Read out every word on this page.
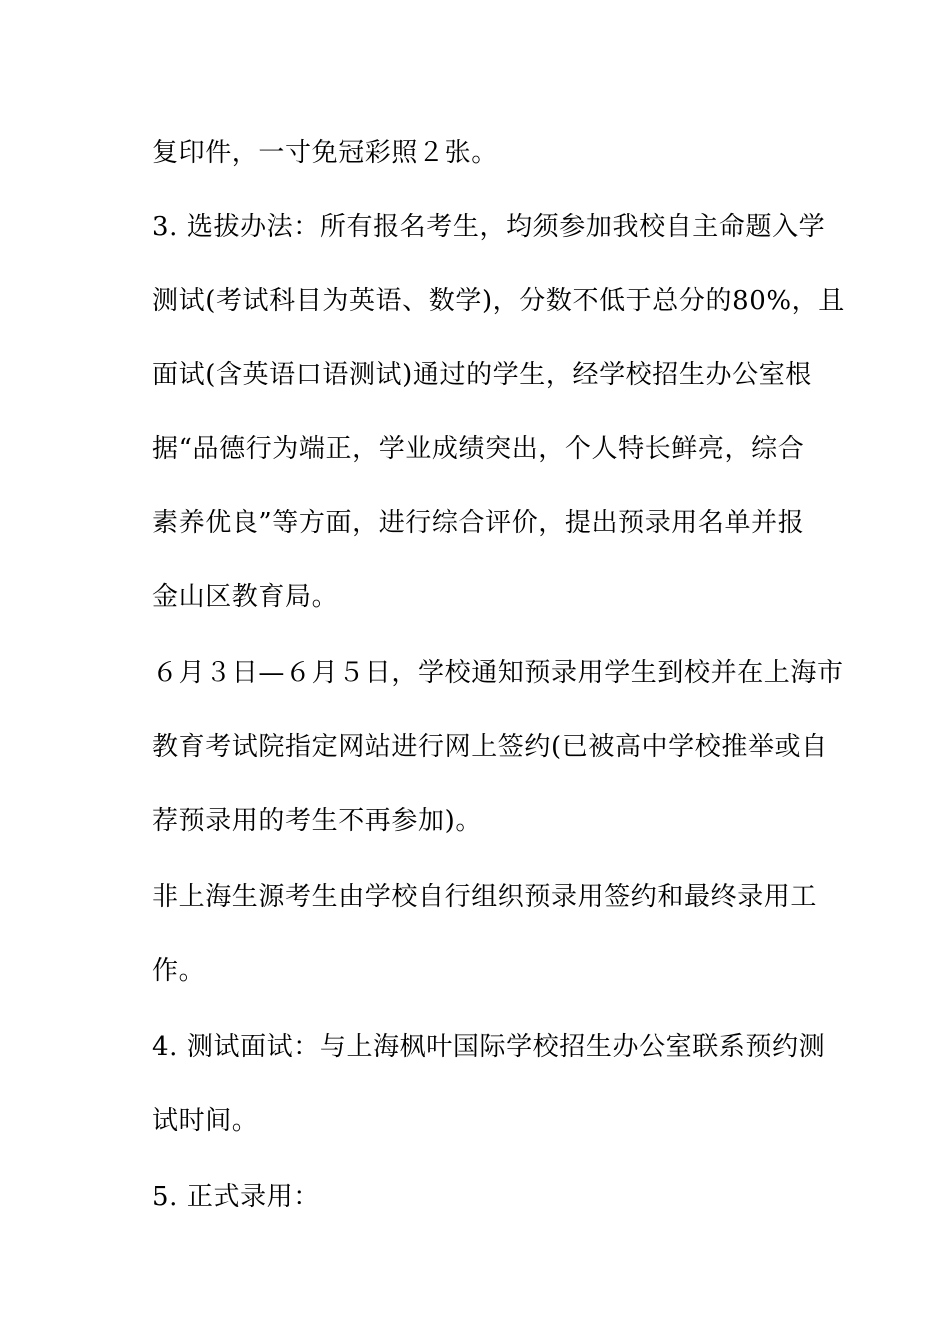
复印件，一寸免冠彩照２张。
3. 选拔办法：所有报名考生，均须参加我校自主命题入学
测试(考试科目为英语、数学)，分数不低于总分的80%，且
面试(含英语口语测试)通过的学生，经学校招生办公室根
据“品德行为端正，学业成绩突出，个人特长鲜亮，综合
素养优良”等方面，进行综合评价，提出预录用名单并报
金山区教育局。
６月３日—６月５日，学校通知预录用学生到校并在上海市
教育考试院指定网站进行网上签约(已被高中学校推举或自
荐预录用的考生不再参加)。
非上海生源考生由学校自行组织预录用签约和最终录用工
作。
4. 测试面试：与上海枫叶国际学校招生办公室联系预约测
试时间。
5. 正式录用：
